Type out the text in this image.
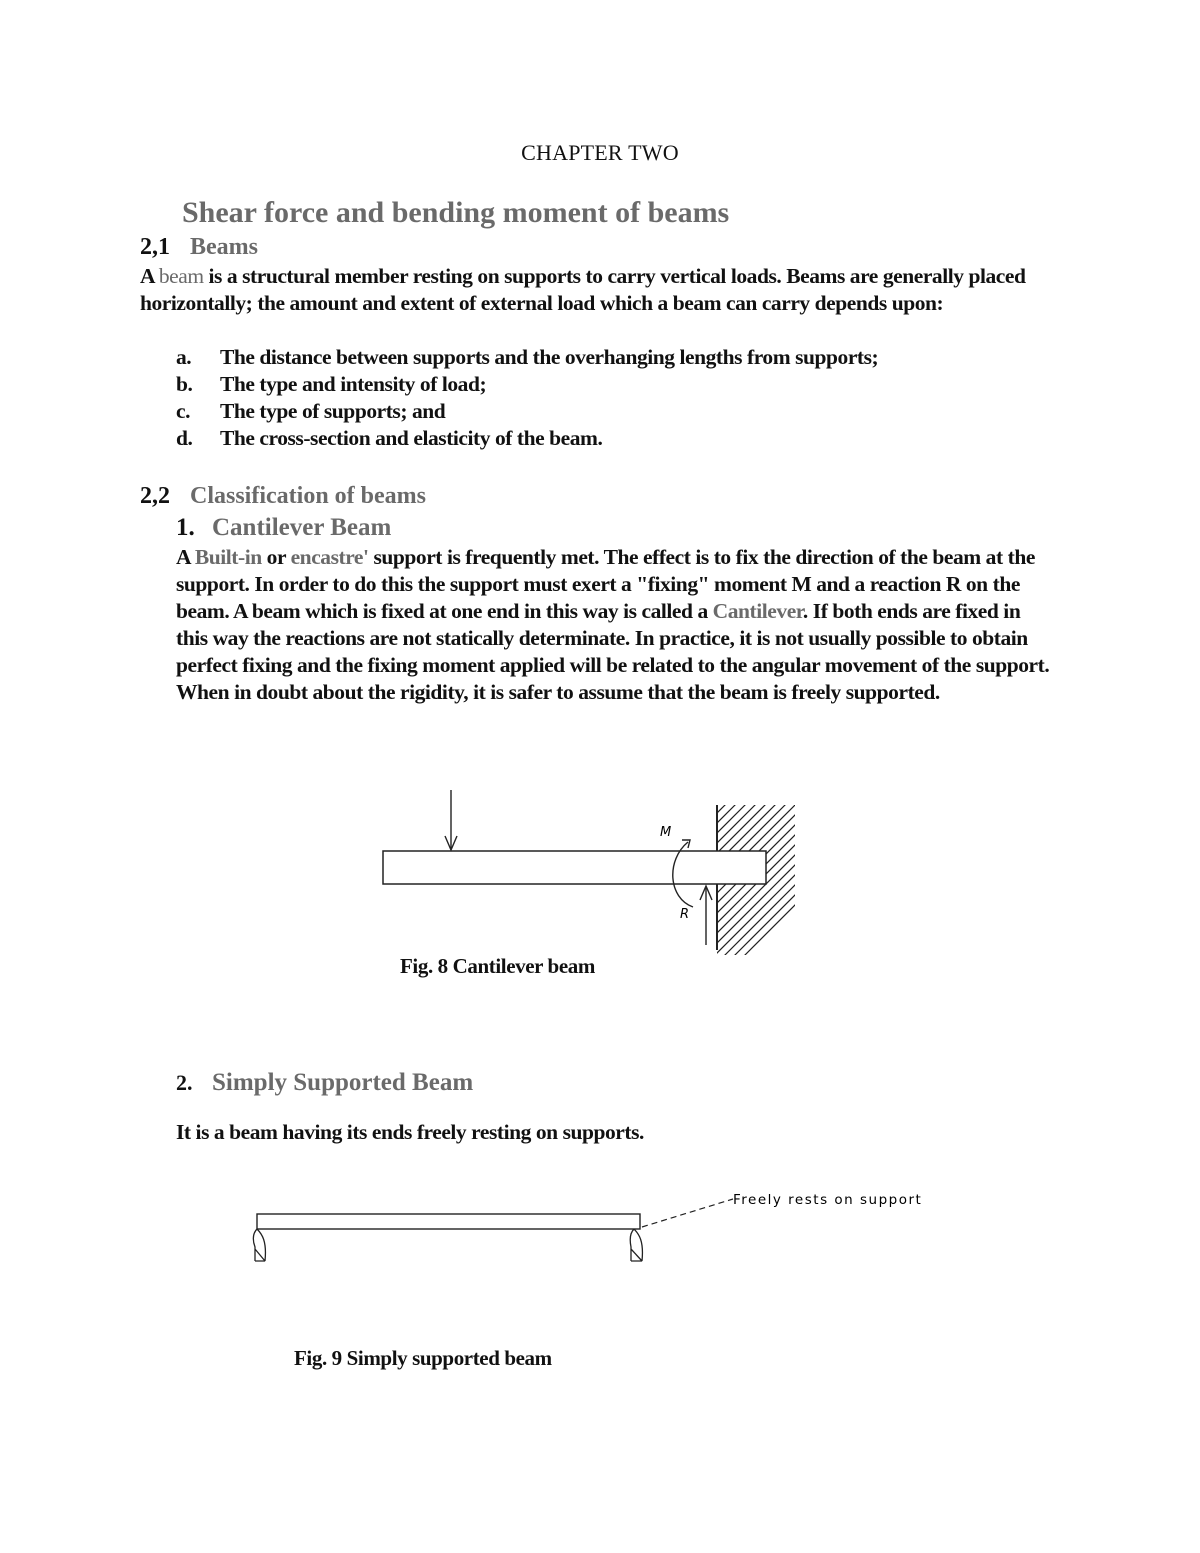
CHAPTER TWO

Shear force and bending moment of beams
2,1 Beams

A beam is a structural member resting on supports to carry vertical loads. Beams are generally placed horizontally; the amount and extent of external load which a beam can carry depends upon:

a. The distance between supports and the overhanging lengths from supports;
b. The type and intensity of load;
c. The type of supports; and
d. The cross-section and elasticity of the beam.
2,2 Classification of beams
1. Cantilever Beam

A Built-in or encastre' support is frequently met. The effect is to fix the direction of the beam at the support. In order to do this the support must exert a "fixing" moment M and a reaction R on the beam. A beam which is fixed at one end in this way is called a Cantilever. If both ends are fixed in this way the reactions are not statically determinate. In practice, it is not usually possible to obtain perfect fixing and the fixing moment applied will be related to the angular movement of the support. When in doubt about the rigidity, it is safer to assume that the beam is freely supported.

M
R
Fig. 8 Cantilever beam
2. Simply Supported Beam

It is a beam having its ends freely resting on supports.

Freely rests on support
Fig. 9 Simply supported beam
